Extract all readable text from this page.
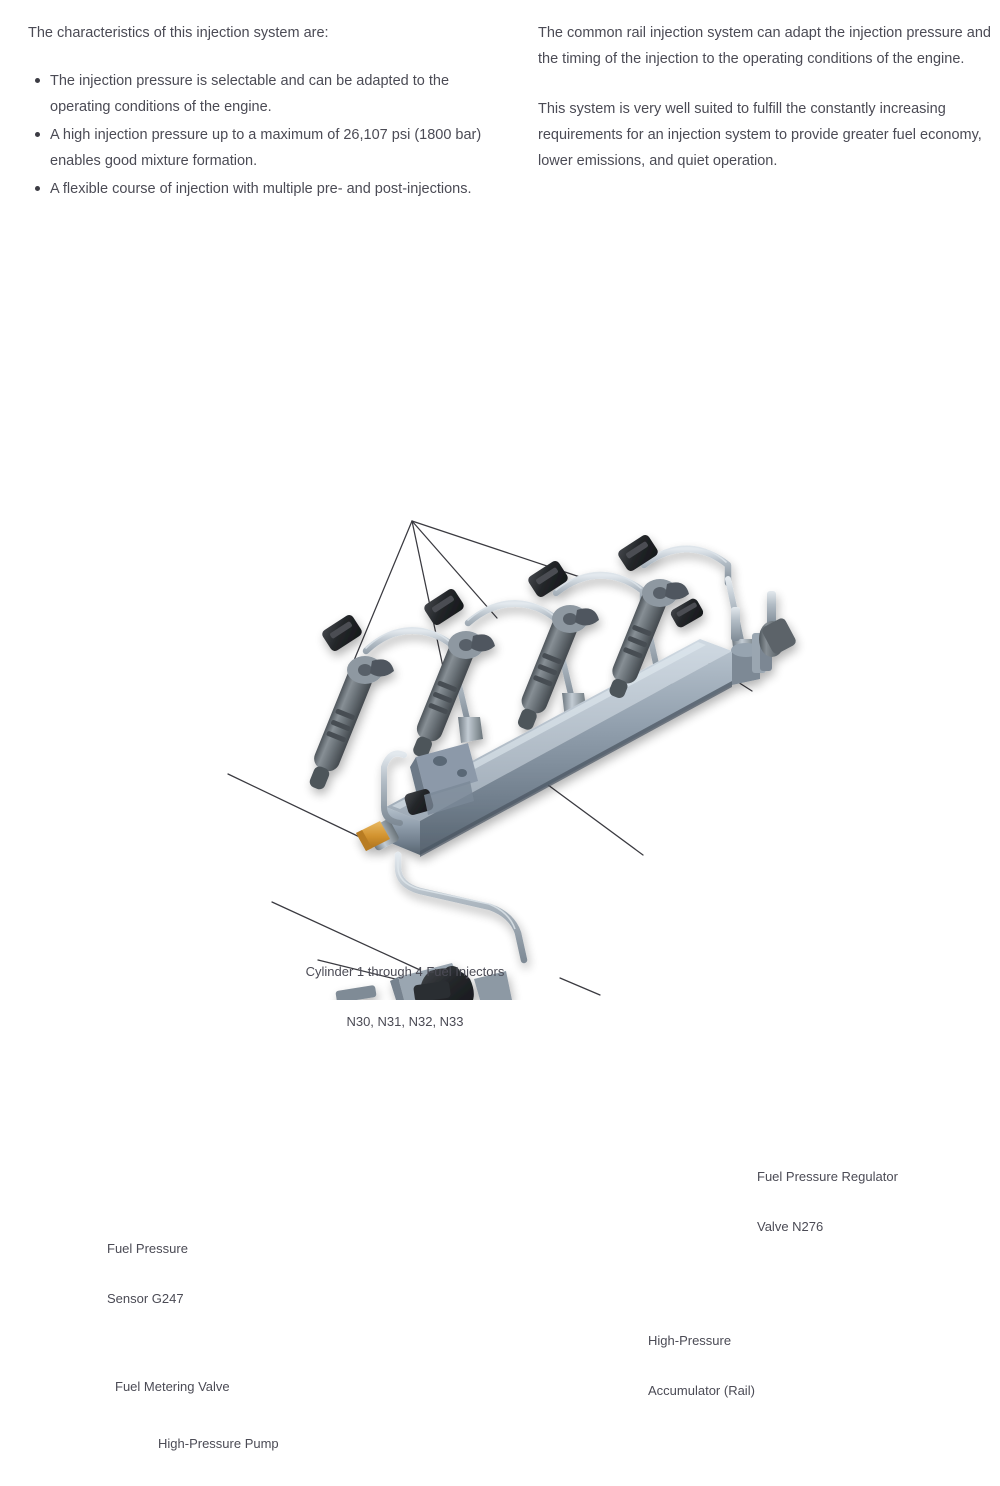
The characteristics of this injection system are:

The injection pressure is selectable and can be adapted to the operating conditions of the engine.
A high injection pressure up to a maximum of 26,107 psi (1800 bar) enables good mixture formation.
A flexible course of injection with multiple pre- and post-injections.

The common rail injection system can adapt the injection pressure and the timing of the injection to the operating conditions of the engine.

This system is very well suited to fulfill the constantly increasing requirements for an injection system to provide greater fuel economy, lower emissions, and quiet operation.

Cylinder 1 through 4 Fuel Injectors

N30, N31, N32, N33

Fuel Pressure Regulator

Valve N276

High-Pressure

Accumulator (Rail)

Fuel Pressure

Sensor G247

Fuel Metering Valve

High-Pressure Pump
